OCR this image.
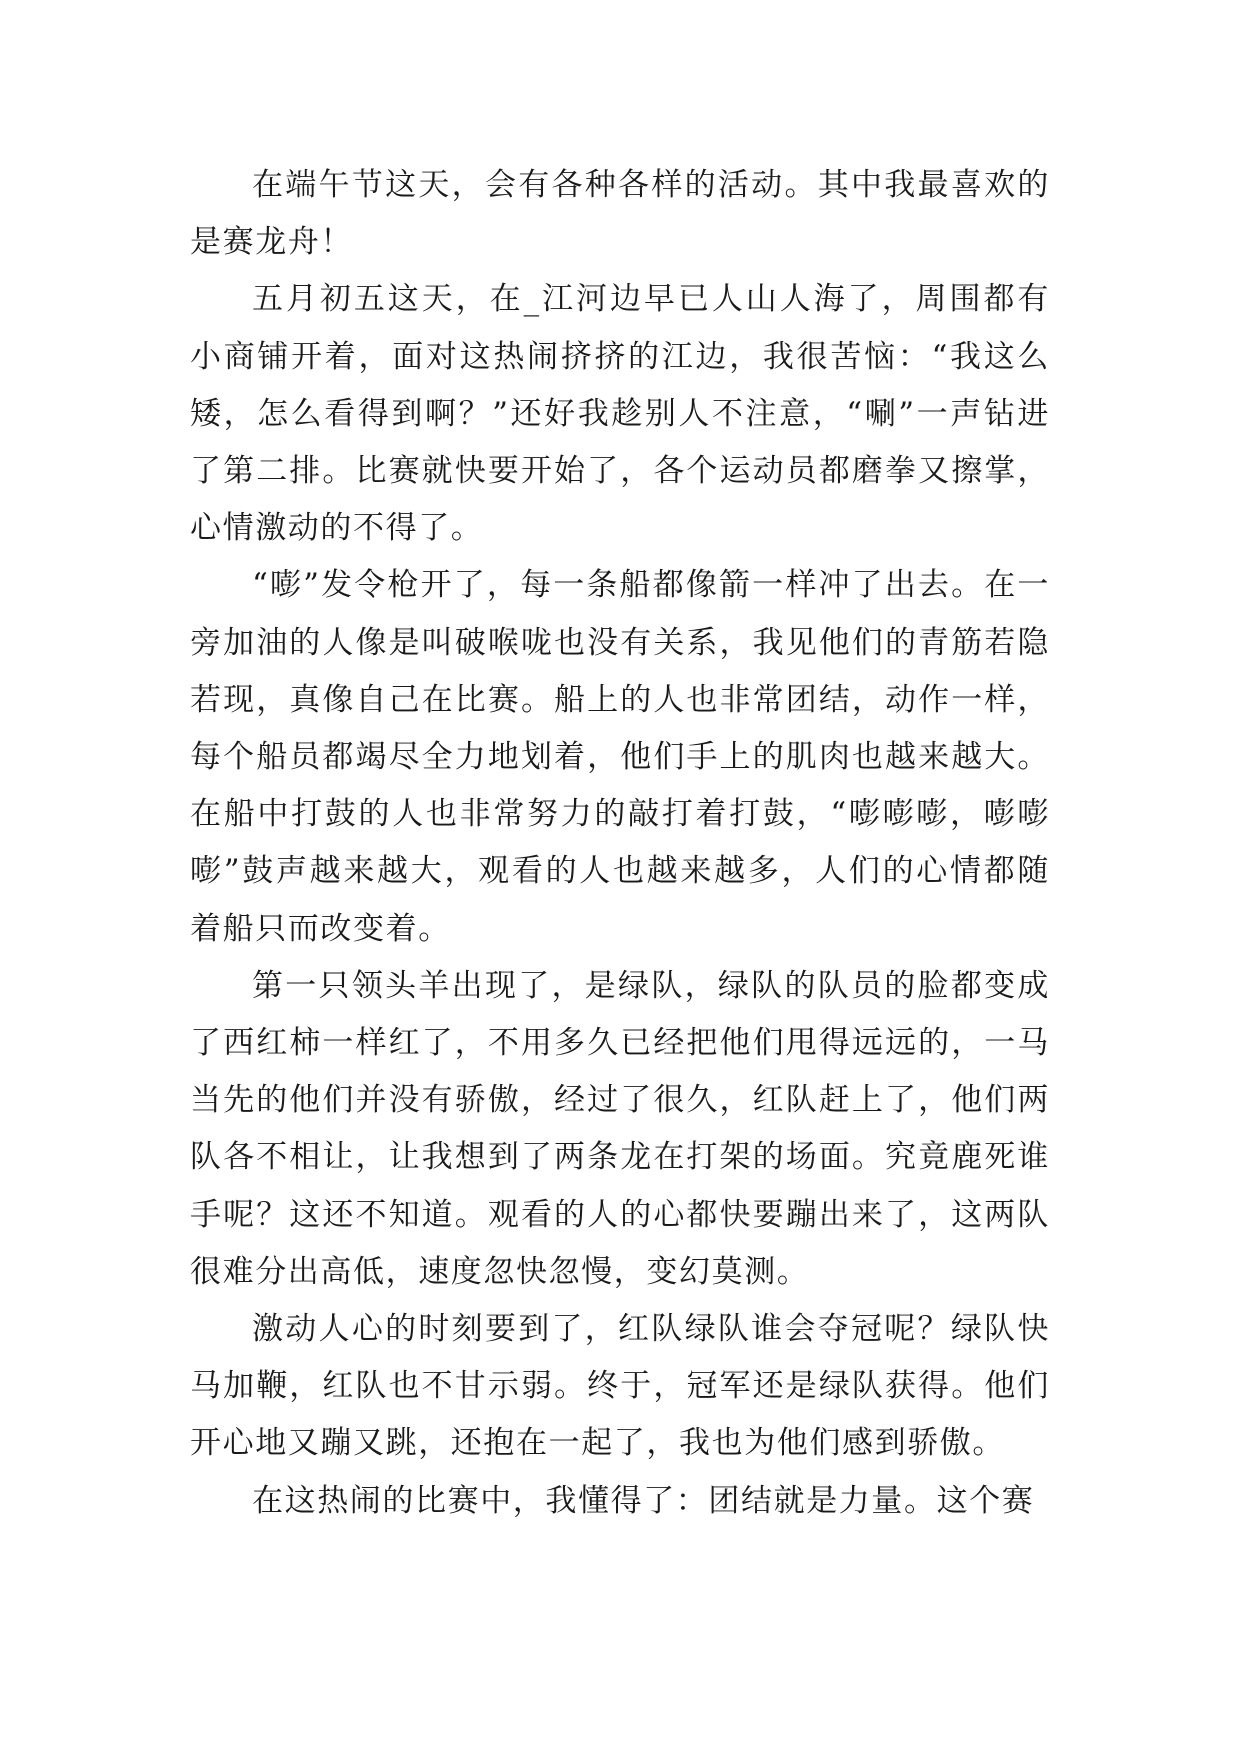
在端午节这天，会有各种各样的活动。其中我最喜欢的是赛龙舟！

五月初五这天，在_江河边早已人山人海了，周围都有小商铺开着，面对这热闹挤挤的江边，我很苦恼：“我这么矮，怎么看得到啊？”还好我趁别人不注意，“唰”一声钻进了第二排。比赛就快要开始了，各个运动员都磨拳又擦掌，心情激动的不得了。

“嘭”发令枪开了，每一条船都像箭一样冲了出去。在一旁加油的人像是叫破喉咙也没有关系，我见他们的青筋若隐若现，真像自己在比赛。船上的人也非常团结，动作一样，每个船员都竭尽全力地划着，他们手上的肌肉也越来越大。在船中打鼓的人也非常努力的敲打着打鼓，“嘭嘭嘭，嘭嘭嘭”鼓声越来越大，观看的人也越来越多，人们的心情都随着船只而改变着。

第一只领头羊出现了，是绿队，绿队的队员的脸都变成了西红柿一样红了，不用多久已经把他们甩得远远的，一马当先的他们并没有骄傲，经过了很久，红队赶上了，他们两队各不相让，让我想到了两条龙在打架的场面。究竟鹿死谁手呢？这还不知道。观看的人的心都快要蹦出来了，这两队很难分出高低，速度忽快忽慢，变幻莫测。

激动人心的时刻要到了，红队绿队谁会夺冠呢？绿队快马加鞭，红队也不甘示弱。终于，冠军还是绿队获得。他们开心地又蹦又跳，还抱在一起了，我也为他们感到骄傲。

在这热闹的比赛中，我懂得了：团结就是力量。这个赛
